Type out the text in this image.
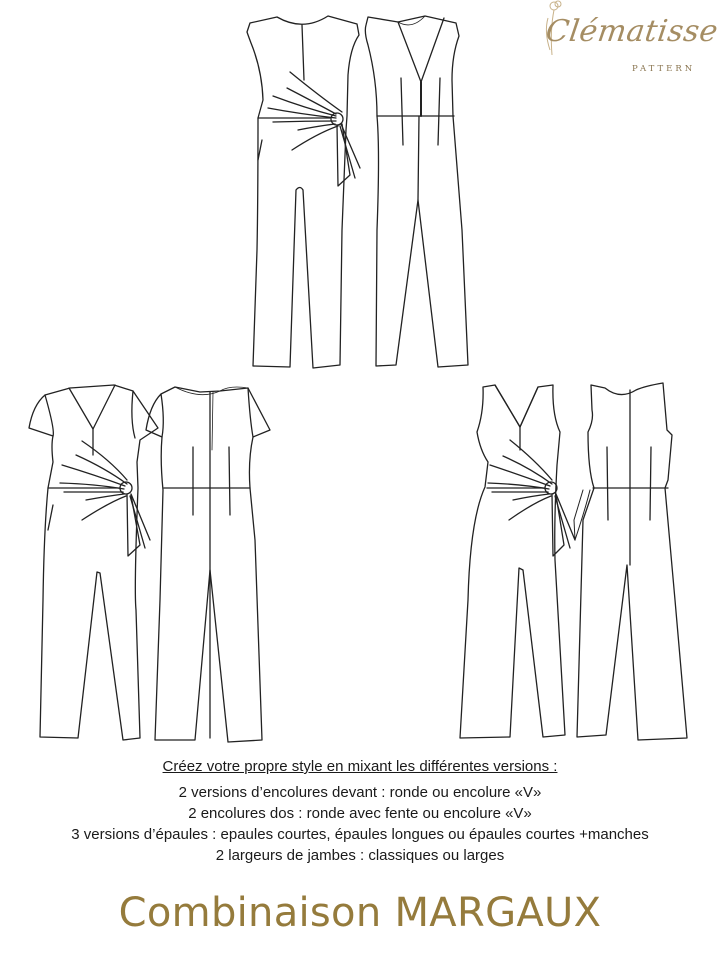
Clématisse
PATTERN

Créez votre propre style en mixant les différentes versions :

2 versions d’encolures devant : ronde ou encolure «V»

2 encolures dos : ronde avec fente ou encolure «V»

3 versions d’épaules : epaules courtes, épaules longues ou épaules courtes +manches

2 largeurs de jambes : classiques ou larges

Combinaison MARGAUX
